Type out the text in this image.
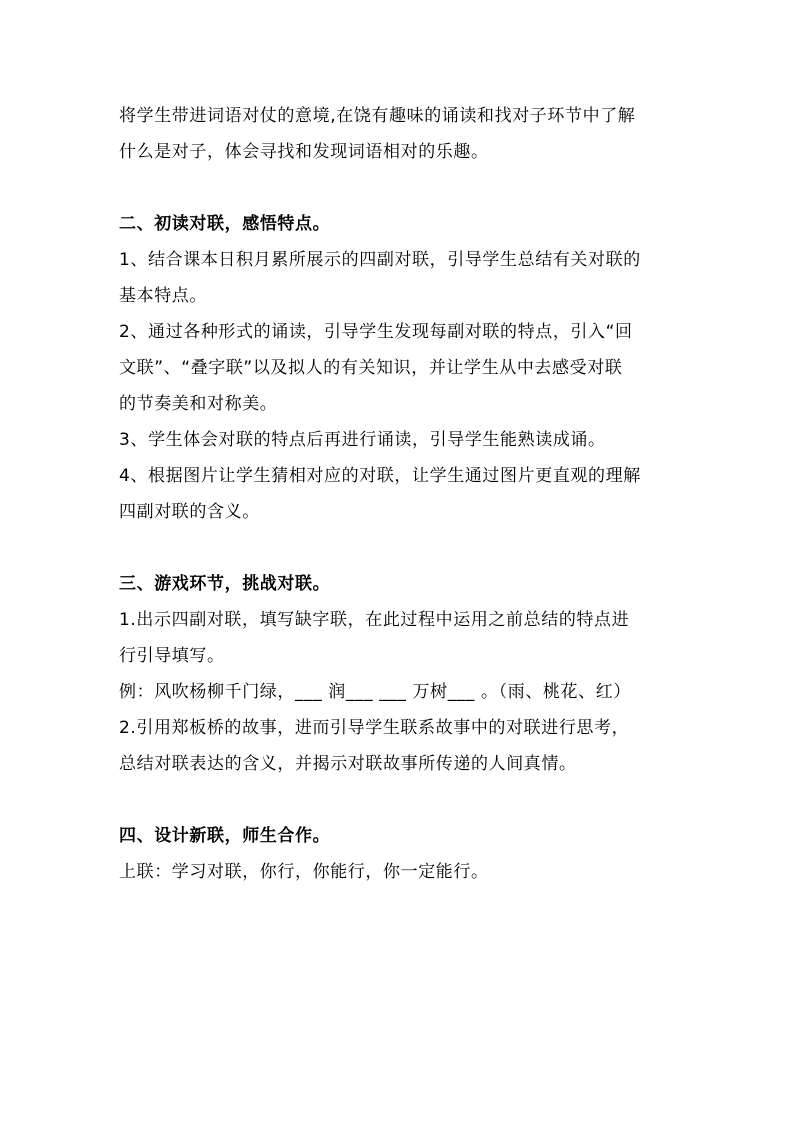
将学生带进词语对仗的意境,在饶有趣味的诵读和找对子环节中了解
什么是对子，体会寻找和发现词语相对的乐趣。
二、初读对联，感悟特点。
1、结合课本日积月累所展示的四副对联，引导学生总结有关对联的
基本特点。
2、通过各种形式的诵读，引导学生发现每副对联的特点，引入“回
文联”、“叠字联”以及拟人的有关知识，并让学生从中去感受对联
的节奏美和对称美。
3、学生体会对联的特点后再进行诵读，引导学生能熟读成诵。
4、根据图片让学生猜相对应的对联，让学生通过图片更直观的理解
四副对联的含义。
三、游戏环节，挑战对联。
1.出示四副对联，填写缺字联，在此过程中运用之前总结的特点进
行引导填写。
例：风吹杨柳千门绿，___ 润___ ___ 万树___ 。（雨、桃花、红）
2.引用郑板桥的故事，进而引导学生联系故事中的对联进行思考，
总结对联表达的含义，并揭示对联故事所传递的人间真情。
四、设计新联，师生合作。
上联：学习对联，你行，你能行，你一定能行。
